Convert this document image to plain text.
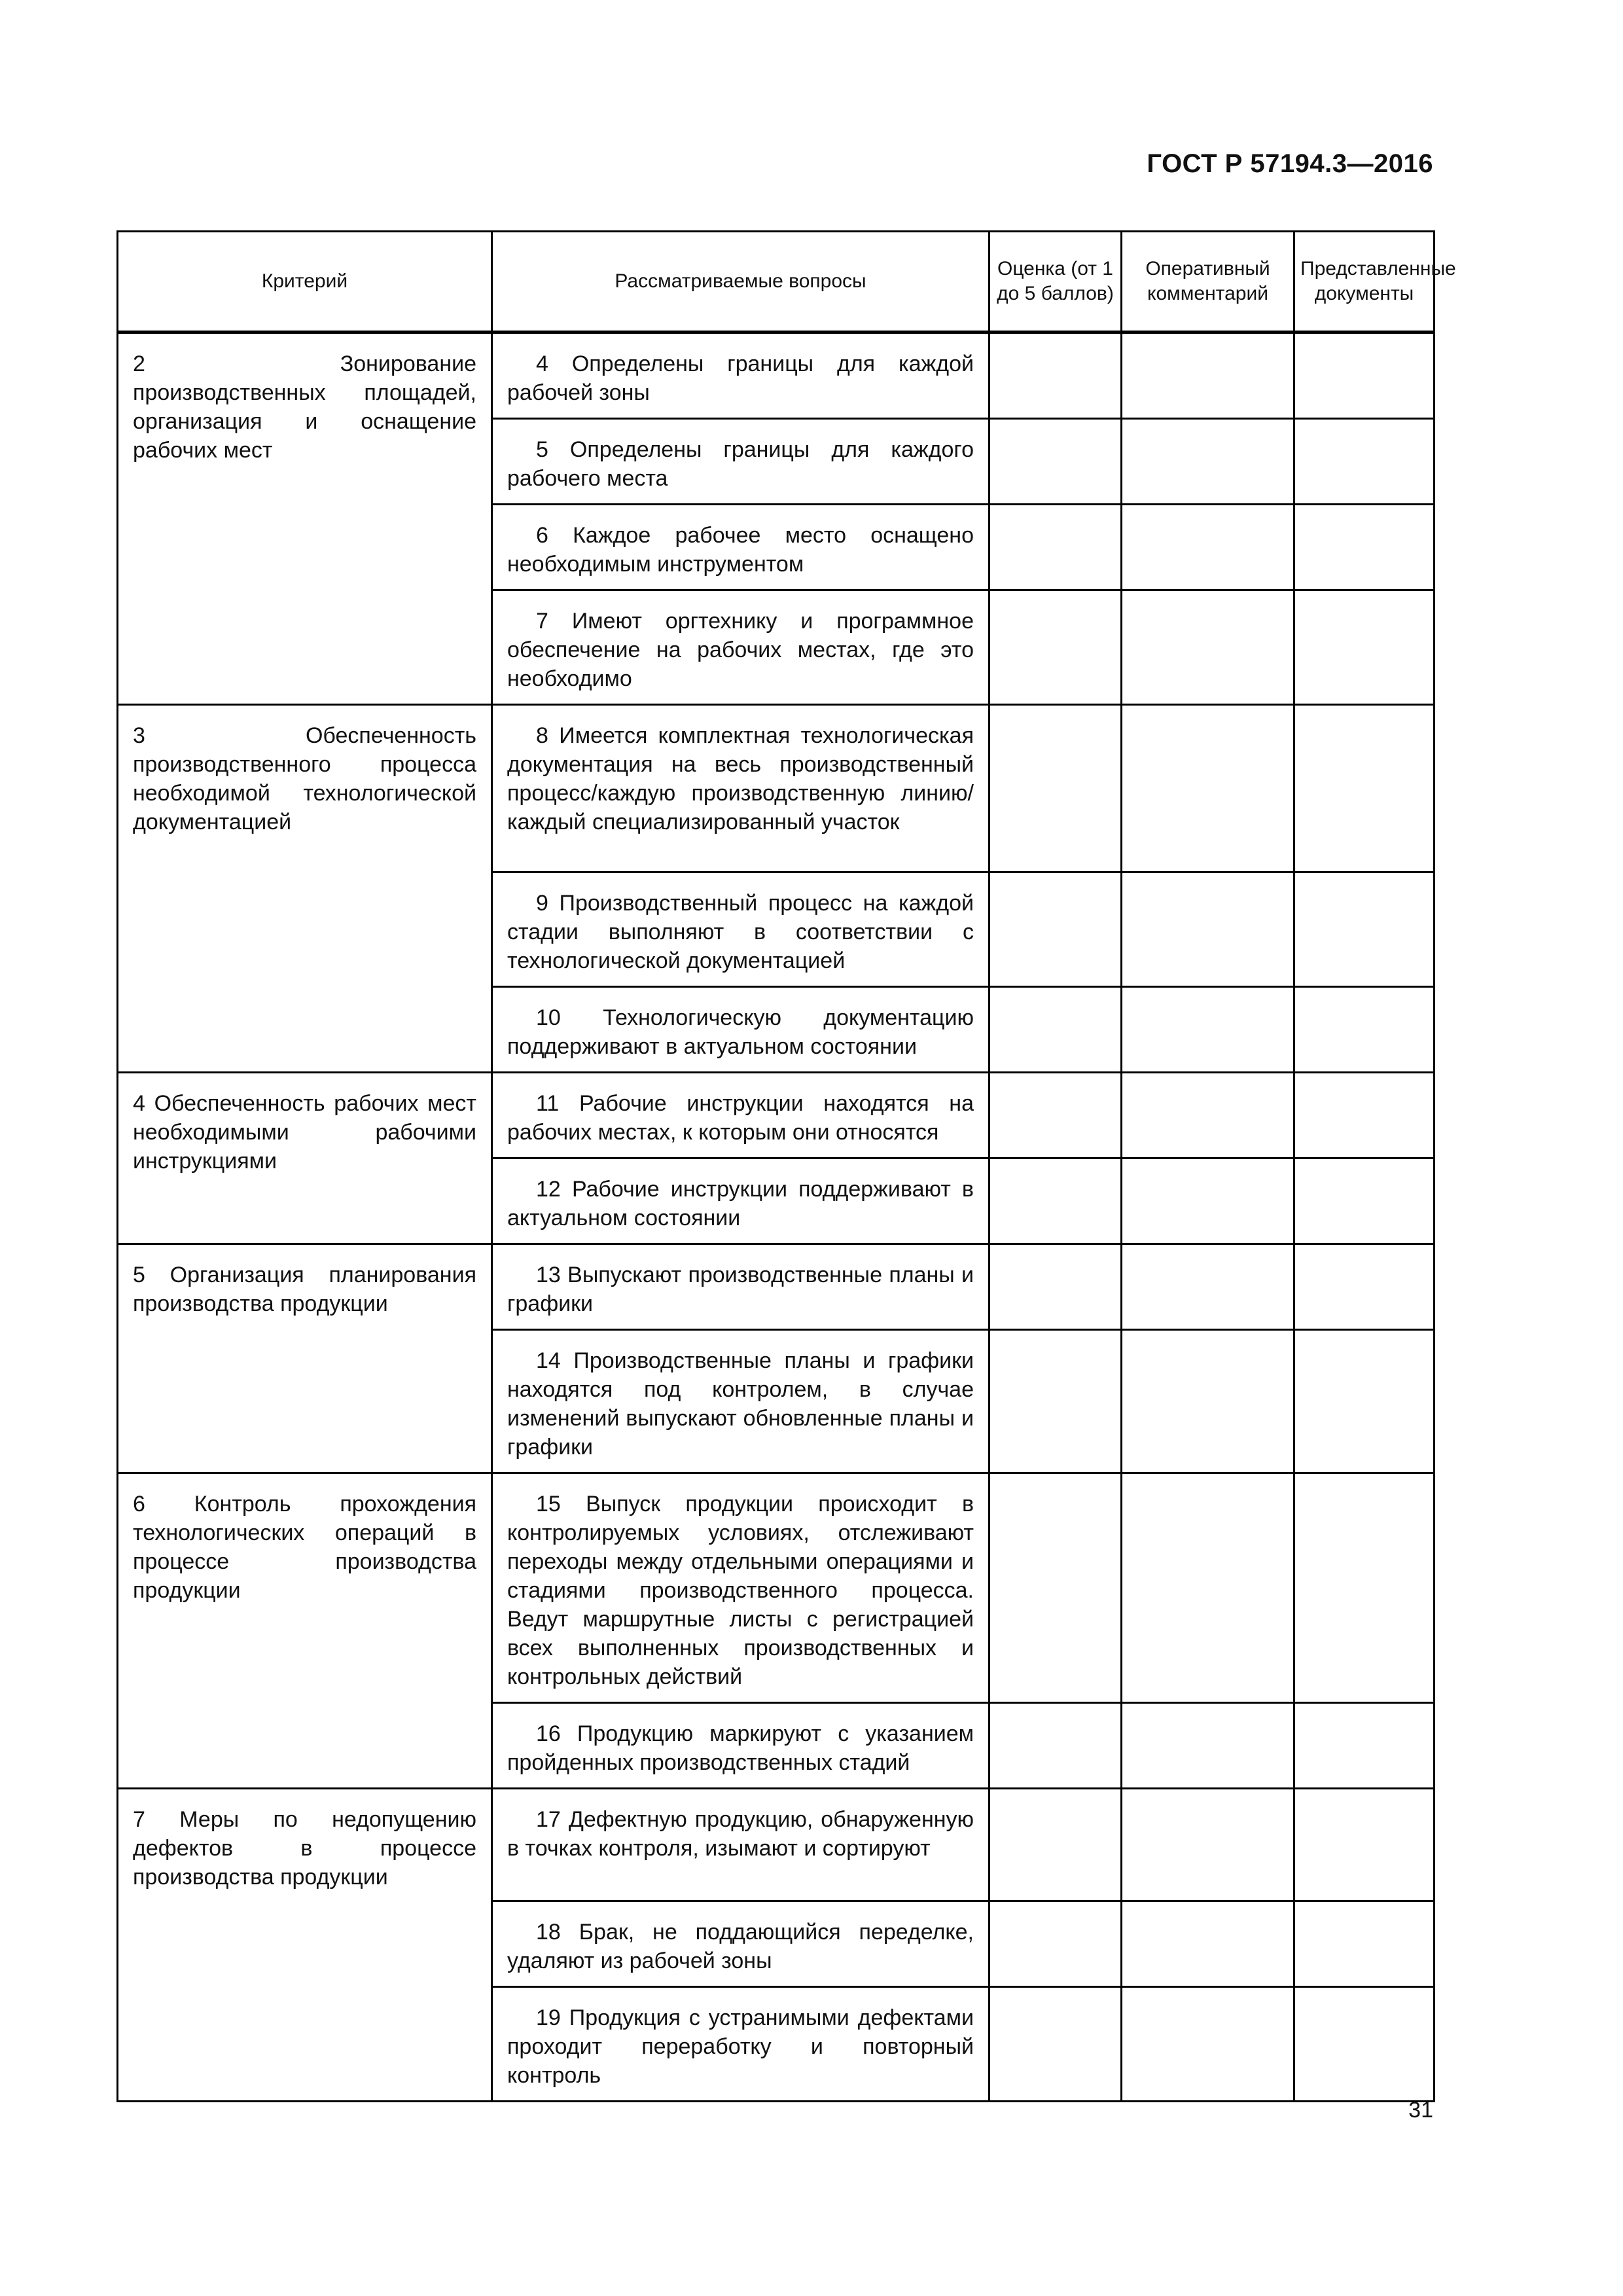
ГОСТ Р 57194.3—2016
Критерий	Рассматриваемые вопросы	Оценка (от 1 до 5 баллов)	Оперативный комментарий	Представленные документы
2 Зонирование производственных площадей, организация и оснащение рабочих мест	4 Определены границы для каждой рабочей зоны			
	5 Определены границы для каждого рабочего места			
	6 Каждое рабочее место оснащено необходимым инструментом			
	7 Имеют оргтехнику и программное обеспечение на рабочих местах, где это необходимо			
3 Обеспеченность производственного процесса необходимой технологической документацией	8 Имеется комплектная технологическая документация на весь производственный процесс/каждую производственную линию/каждый специализированный участок			
	9 Производственный процесс на каждой стадии выполняют в соответствии с технологической документацией			
	10 Технологическую документацию поддерживают в актуальном состоянии			
4 Обеспеченность рабочих мест необходимыми рабочими инструкциями	11 Рабочие инструкции находятся на рабочих местах, к которым они относятся			
	12 Рабочие инструкции поддерживают в актуальном состоянии			
5 Организация планирования производства продукции	13 Выпускают производственные планы и графики			
	14 Производственные планы и графики находятся под контролем, в случае изменений выпускают обновленные планы и графики			
6 Контроль прохождения технологических операций в процессе производства продукции	15 Выпуск продукции происходит в контролируемых условиях, отслеживают переходы между отдельными операциями и стадиями производственного процесса. Ведут маршрутные листы с регистрацией всех выполненных производственных и контрольных действий			
	16 Продукцию маркируют с указанием пройденных производственных стадий			
7 Меры по недопущению дефектов в процессе производства продукции	17 Дефектную продукцию, обнаруженную в точках контроля, изымают и сортируют			
	18 Брак, не поддающийся переделке, удаляют из рабочей зоны			
	19 Продукция с устранимыми дефектами проходит переработку и повторный контроль			
31
